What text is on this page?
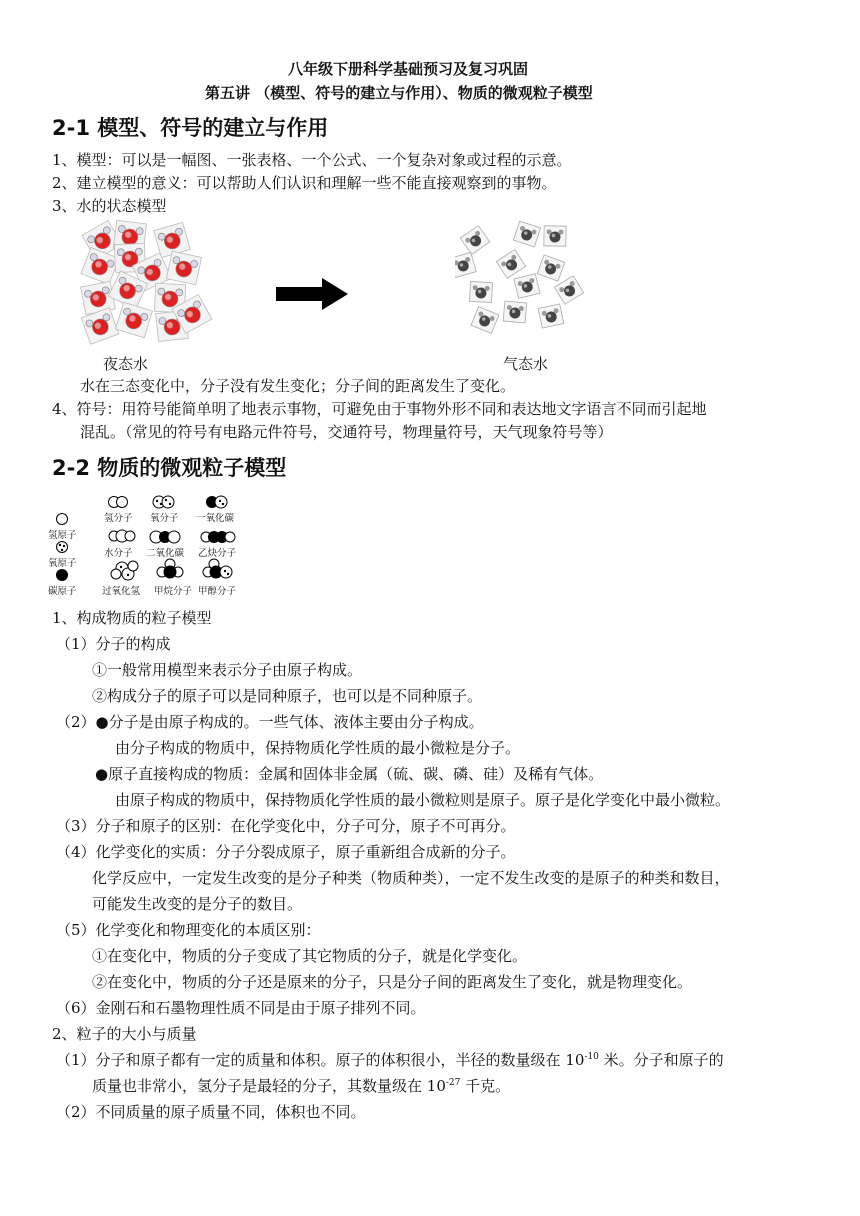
八年级下册科学基础预习及复习巩固
第五讲 （模型、符号的建立与作用）、物质的微观粒子模型
2-1 模型、符号的建立与作用
1、模型：可以是一幅图、一张表格、一个公式、一个复杂对象或过程的示意。
2、建立模型的意义：可以帮助人们认识和理解一些不能直接观察到的事物。
3、水的状态模型
夜态水	气态水
水在三态变化中，分子没有发生变化；分子间的距离发生了变化。
4、符号：用符号能简单明了地表示事物，可避免由于事物外形不同和表达地文字语言不同而引起地
混乱。（常见的符号有电路元件符号，交通符号，物理量符号，天气现象符号等）
2-2 物质的微观粒子模型
氢原子
氧原子
碳原子
氢分子 氧分子 一氧化碳
水分子 二氧化碳 乙炔分子
过氧化氢 甲烷分子 甲醇分子
1、构成物质的粒子模型
（1）分子的构成
①一般常用模型来表示分子由原子构成。
②构成分子的原子可以是同种原子，也可以是不同种原子。
（2）●分子是由原子构成的。一些气体、液体主要由分子构成。
由分子构成的物质中，保持物质化学性质的最小微粒是分子。
●原子直接构成的物质：金属和固体非金属（硫、碳、磷、硅）及稀有气体。
由原子构成的物质中，保持物质化学性质的最小微粒则是原子。原子是化学变化中最小微粒。
（3）分子和原子的区别：在化学变化中，分子可分，原子不可再分。
（4）化学变化的实质：分子分裂成原子，原子重新组合成新的分子。
化学反应中，一定发生改变的是分子种类（物质种类），一定不发生改变的是原子的种类和数目，
可能发生改变的是分子的数目。
（5）化学变化和物理变化的本质区别：
①在变化中，物质的分子变成了其它物质的分子，就是化学变化。
②在变化中，物质的分子还是原来的分子，只是分子间的距离发生了变化，就是物理变化。
（6）金刚石和石墨物理性质不同是由于原子排列不同。
2、粒子的大小与质量
（1）分子和原子都有一定的质量和体积。原子的体积很小，半径的数量级在 $10^{-10}$ 米。分子和原子的
质量也非常小，氢分子是最轻的分子，其数量级在 $10^{-27}$ 千克。
（2）不同质量的原子质量不同，体积也不同。
